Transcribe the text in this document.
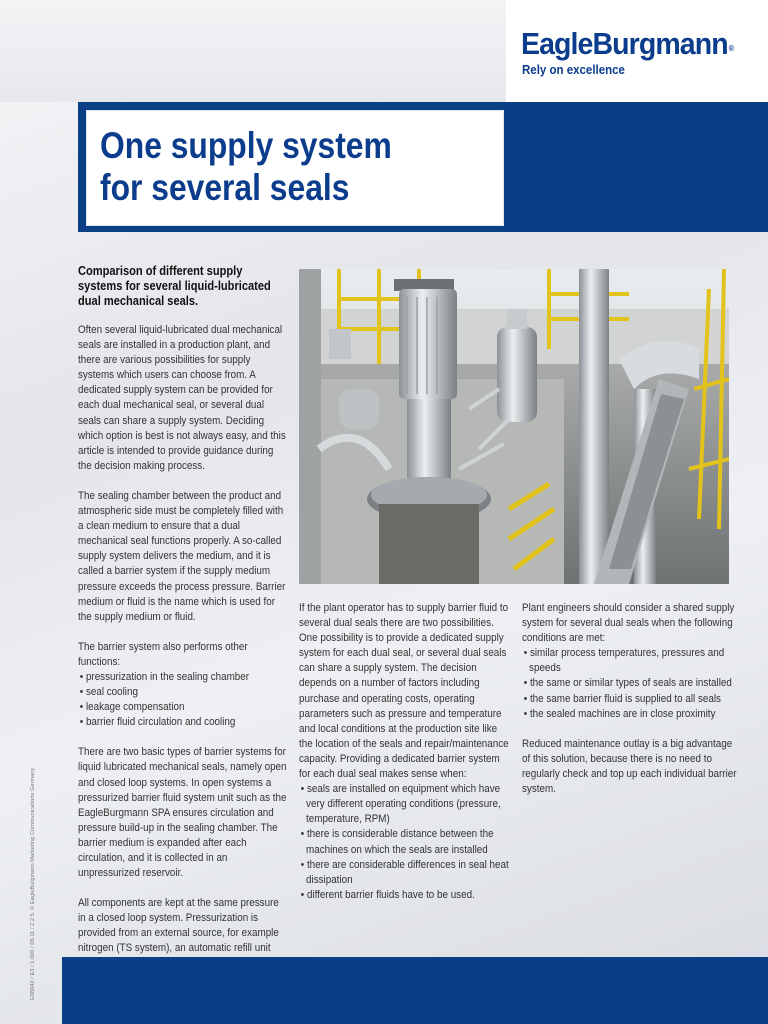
EagleBurgmann®
Rely on excellence
One supply system
for several seals

Comparison of different supply systems for several liquid-lubricated dual mechanical seals.

Often several liquid-lubricated dual mechanical seals are installed in a production plant, and there are various possibilities for supply systems which users can choose from. A dedicated supply system can be provided for each dual mechanical seal, or several dual seals can share a supply system. Deciding which option is best is not always easy, and this article is intended to provide guidance during the decision making process.

The sealing chamber between the product and atmospheric side must be completely filled with a clean medium to ensure that a dual mechanical seal functions properly. A so-called supply system delivers the medium, and it is called a barrier system if the supply medium pressure exceeds the process pressure. Barrier medium or fluid is the name which is used for the supply medium or fluid.

The barrier system also performs other functions:
• pressurization in the sealing chamber
• seal cooling
• leakage compensation
• barrier fluid circulation and cooling

There are two basic types of barrier systems for liquid lubricated mechanical seals, namely open and closed loop systems. In open systems a pressurized barrier fluid system unit such as the EagleBurgmann SPA ensures circulation and pressure build-up in the sealing chamber. The barrier medium is expanded after each circulation, and it is collected in an unpressurized reservoir.

All components are kept at the same pressure in a closed loop system. Pressurization is provided from an external source, for example nitrogen (TS system), an automatic refill unit

If the plant operator has to supply barrier fluid to several dual seals there are two possibilities. One possibility is to provide a dedicated supply system for each dual seal, or several dual seals can share a supply system. The decision depends on a number of factors including purchase and operating costs, operating parameters such as pressure and temperature and local conditions at the production site like the location of the seals and repair/maintenance capacity. Providing a dedicated barrier system for each dual seal makes sense when:
• seals are installed on equipment which have very different operating conditions (pressure, temperature, RPM)
• there is considerable distance between the machines on which the seals are installed
• there are considerable differences in seal heat dissipation
• different barrier fluids have to be used.
Plant engineers should consider a shared supply system for several dual seals when the following conditions are met:
• similar process temperatures, pressures and speeds
• the same or similar types of seals are installed
• the same barrier fluid is supplied to all seals
• the sealed machines are in close proximity

Reduced maintenance outlay is a big advantage of this solution, because there is no need to regularly check and top up each individual barrier system.

E08042 / E3 / 1.000 / 06.11 / 2.2.5. © EagleBurgmann Marketing Communications Germany
